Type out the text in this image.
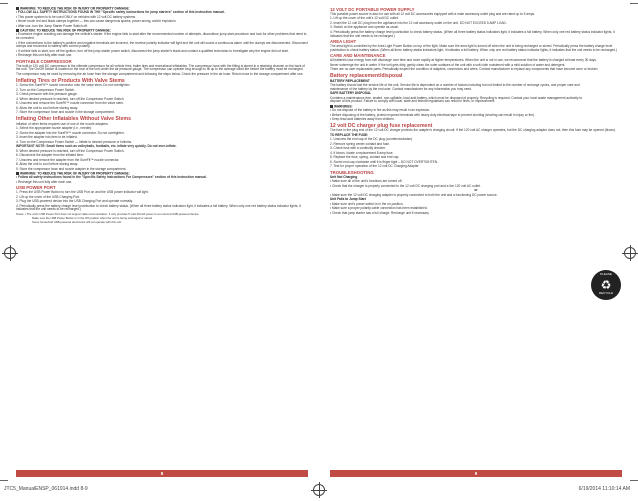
WARNING: TO REDUCE THE RISK OF INJURY OR PROPERTY DAMAGE:

• FOLLOW ALL SAFETY INSTRUCTIONS FOUND IN THE "Specific safety instructions for jump starters" section of this instruction manual.

• This power system is to be used ONLY on vehicles with 12 volt DC battery systems.

• Never touch red and black clamps together — this can cause dangerous sparks, power arcing, and/or explosion.

• After use, turn the Jump Starter Power Switch off.

CAUTION: TO REDUCE THE RISK OF PROPERTY DAMAGE:

• Excessive engine cranking can damage the vehicle's starter. If the engine fails to start after the recommended number of attempts, discontinue jump start procedure and look for other problems that need to be corrected.

• If the connections to the battery's positive and negative terminals are incorrect, the reverse polarity indicator will light and the unit will sound a continuous alarm until the clamps are disconnected. Disconnect clamps and reconnect to battery with correct polarity.

• If vehicle fails to start, turn off the ignition, turn off the jump starter power switch, disconnect the jump starter's leads and contact a qualified technician to investigate why the engine did not start.

• Recharge this unit fully after each use.

PORTABLE COMPRESSOR

The built-in 120 volt DC compressor is the ultimate compressor for all vehicle tires, trailer tires and recreational inflatables. The compressor hose with the fitting is stored in a retaining channel on the back of the unit. The On/Off Switch is located on the rear of the unit under the air pressure gauge. The compressor can operate long enough to fill up to the average sized tire before the battery must be recharged.

The compressor may be used by removing the air hose from the storage compartment and following the steps below. Check the pressure in the air hose. Return hose to the storage compartment after use.

Inflating Tires or Products With Valve Stems

1. Screw the SureFit™ nozzle connector onto the valve stem. Do not overtighten.

2. Turn on the Compressor Power Switch.

3. Check pressure with the pressure gauge.

4. When desired pressure is reached, turn off the Compressor Power Switch.

5. Unscrew and remove the SureFit™ nozzle connector from the valve stem.

6. Allow the unit to cool before storing away.

7. Store the compressor hose and nozzle in the storage compartment.

Inflating Other Inflatables Without Valve Stems

Inflation of other items requires use of one of the nozzle adapters.

1. Select the appropriate nozzle adapter (i.e., needle).

2. Screw the adapter into the SureFit™ nozzle connector. Do not overtighten.

3. Insert the adapter into item to be inflated.

4. Turn on the Compressor Power Switch — inflate to desired pressure or fullness.

IMPORTANT NOTE: Small items such as volleyballs, footballs, etc. inflate very quickly. Do not over-inflate.

5. When desired pressure is reached, turn off the Compressor Power Switch.

6. Disconnect the adapter from the inflated item.

7. Unscrew and remove the adapter from the SureFit™ nozzle connector.

8. Allow the unit to cool before storing away.

9. Store the compressor hose and nozzle adapter in the storage compartment.

WARNING: TO REDUCE THE RISK OF INJURY OR PROPERTY DAMAGE:

• Follow all safety instructions found in the "Specific Safety Instructions For Compressors" section of this instruction manual.

• Recharge this unit fully after each use.

USB POWER PORT

1. Press the USB Power Button to turn the USB Port on and the USB power indicator will light.

2. Lift up the cover of the USB Charging Port.

3. Plug the USB-powered device into the USB Charging Port and operate normally.

4. Periodically press the battery charge level pushbutton to check battery status. (When all three battery status indicators light, it indicates a full battery. When only one red battery status indicator lights, it indicates that the unit needs to be recharged.)

Notes: • The unit's USB Power Port does not support data communication. It only provides 5 volts DC/2A power to an external USB-powered device.

Make sure the USB Power Button is in the Off position when the unit is being recharged or stored.

Some household USB-powered electronics will not operate with this unit.

12 VOLT DC PORTABLE POWER SUPPLY

This portable power source is also for use with all 12 volt DC accessories equipped with a male accessory outlet plug and are rated up to 5 amps.

1. Lift up the cover of the unit's 12 volt DC outlet.

2. Insert the 12 volt DC plug from the appliance into the 12 volt accessory outlet on the unit. DO NOT EXCEED 5 AMP LOAD.

3. Switch on the appliance and operate as usual.

4. Periodically press the battery charge level pushbutton to check battery status. (When all three battery status indicators light, it indicates a full battery. When only one red battery status indicator lights, it indicates that the unit needs to be recharged.)

AREA LIGHT

The area light is controlled by the Area Light Power Button on top of the light. Make sure the area light is turned off when the unit is being recharged or stored. Periodically press the battery charge level pushbutton to check battery status. (When all three battery status indicators light, it indicates a full battery. When only one red battery status indicator lights, it indicates that the unit needs to be recharged.)

CARE AND MAINTENANCE

All batteries lose energy from self discharge over time and more rapidly at higher temperatures. When the unit is not in use, we recommend that the battery is charged at least every 30 days.

Never submerge the unit in water. If the unit gets dirty, gently clean the outer surfaces of the unit with a soft cloth moistened with a mild solution of water and detergent.

There are no user replaceable parts. Periodically inspect the condition of adapters, connectors and wires. Contact manufacturer to replace any components that have become worn or broken.

Battery replacement/disposal

BATTERY REPLACEMENT

The battery should last the service life of the unit. Service life is dependent on a number of factors including but not limited to the number of recharge cycles, and proper care and maintenance of the battery by the end user. Contact manufacturer for any information you may need.

SAFE BATTERY DISPOSAL

Contains a maintenance-free, sealed, non-spillable, lead acid battery, which must be disposed of properly. Recycling is required. Contact your local waste management authority to dispose of this product. Failure to comply with local, state and federal regulations can result in fines, or imprisonment.

WARNINGS:

• Do not dispose of the battery in fire as this may result in an explosion.

• Before disposing of the battery, protect exposed terminals with heavy-duty electrical tape to prevent shorting (shorting can result in injury or fire).

• Keep lead acid batteries away from children.

12 volt DC charger plug fuse replacement

The fuse in the plug end of the 12 volt DC charger protects the adapter's charging circuit. If the 120 volt AC charger operates, but the DC charging adapter does not, then this fuse may be opened (blown).

TO REPLACE THE FUSE:

1. Unscrew the end cap of the DC plug (counterclockwise).

2. Remove spring center contact and fuse.

3. Check fuse with a continuity checker.

4. If blown, locate a replacement 8 amp fuse.

5. Replace the fuse, spring, contact and end cap.

6. Screw end cap clockwise until it is finger tight – DO NOT OVERTIGHTEN.

7. Test for proper operation of the 12 volt DC Charging Adapter.

TROUBLESHOOTING

Unit Not Charging

• Make sure all of the unit's functions are turned off.

• Check that the charger is properly connected to the 12 volt DC charging port and a live 120 volt AC outlet.

or

• Make sure the 12 volt DC charging adapter is properly connected to both the unit and a functioning DC power source.

Unit Fails to Jump Start

• Make sure unit's power switch is in the on position.

• Make sure a proper polarity cable connection has been established.

• Check that jump starter has a full charge. Recharge unit if necessary.

PLEASE
♻
RECYCLE
8	9
JTC5_ManualENSP_061914.indd 8-9	6/19/2014 11:10:14 AM
